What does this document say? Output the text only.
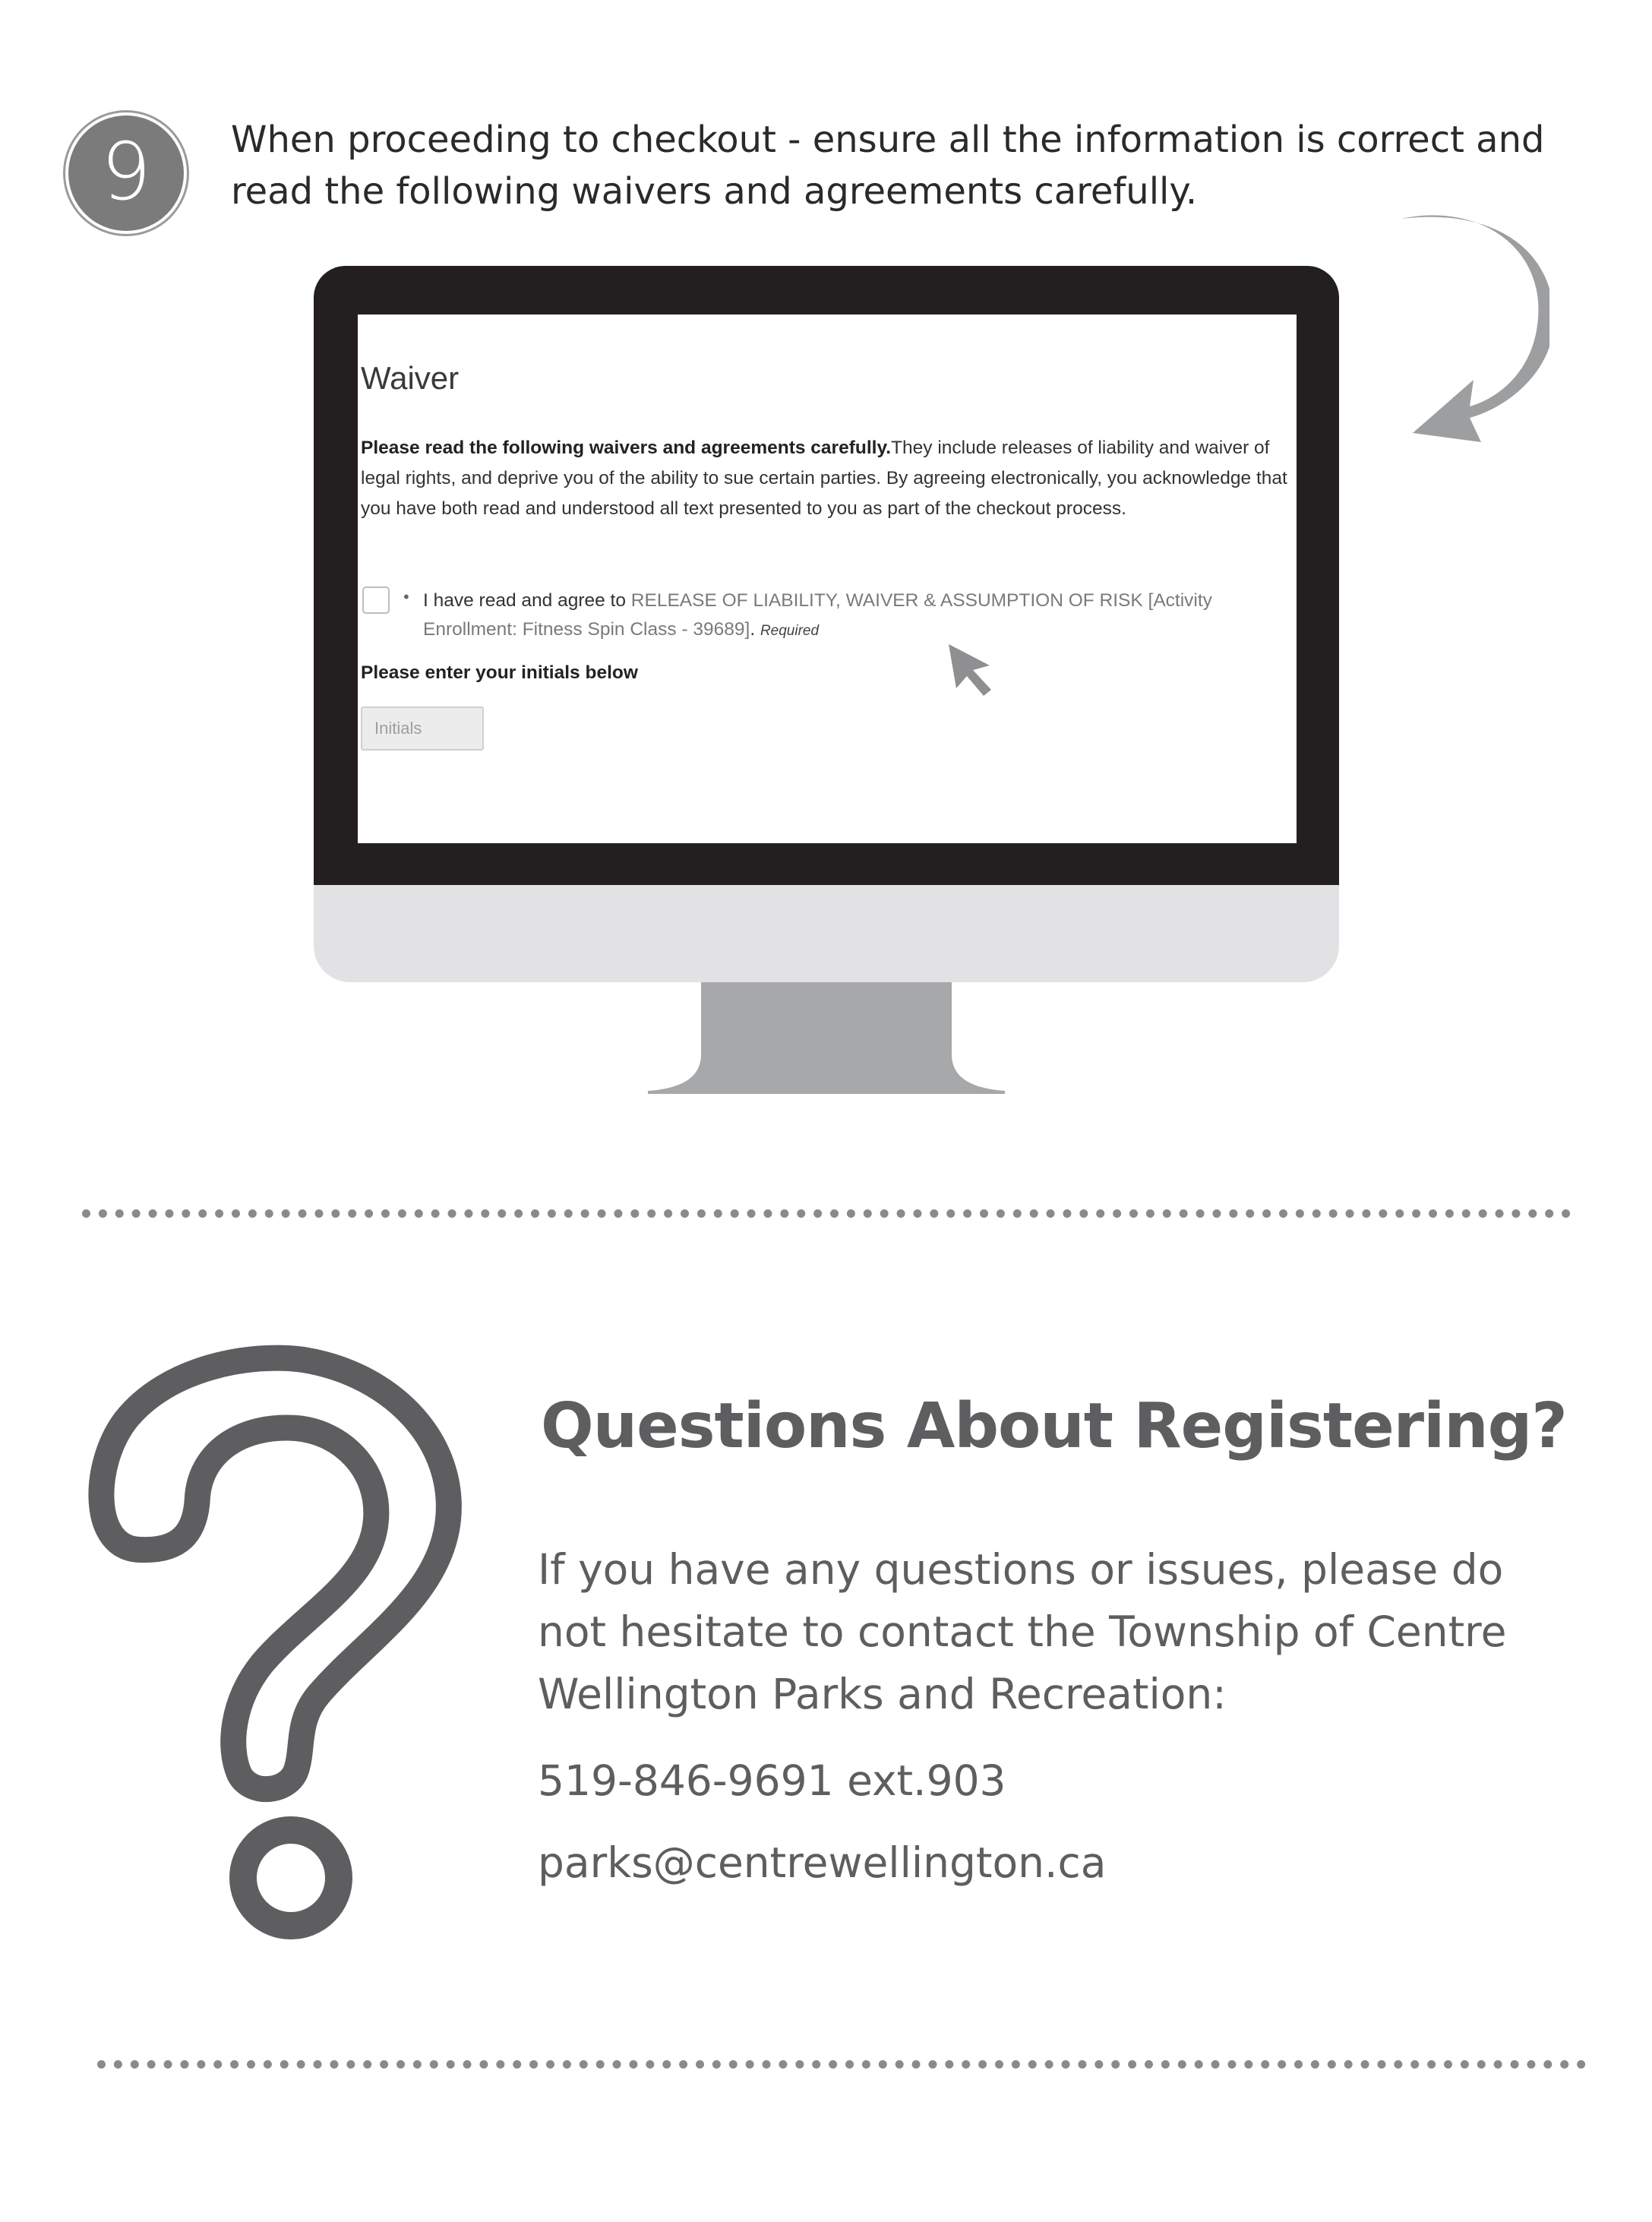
9 When proceeding to checkout - ensure all the information is correct and read the following waivers and agreements carefully.
Waiver
Please read the following waivers and agreements carefully.They include releases of liability and waiver of legal rights, and deprive you of the ability to sue certain parties. By agreeing electronically, you acknowledge that you have both read and understood all text presented to you as part of the checkout process.
• I have read and agree to RELEASE OF LIABILITY, WAIVER & ASSUMPTION OF RISK [Activity Enrollment: Fitness Spin Class - 39689]. Required
Please enter your initials below
Initials
Questions About Registering?
If you have any questions or issues, please do not hesitate to contact the Township of Centre Wellington Parks and Recreation:
519-846-9691 ext.903
parks@centrewellington.ca
